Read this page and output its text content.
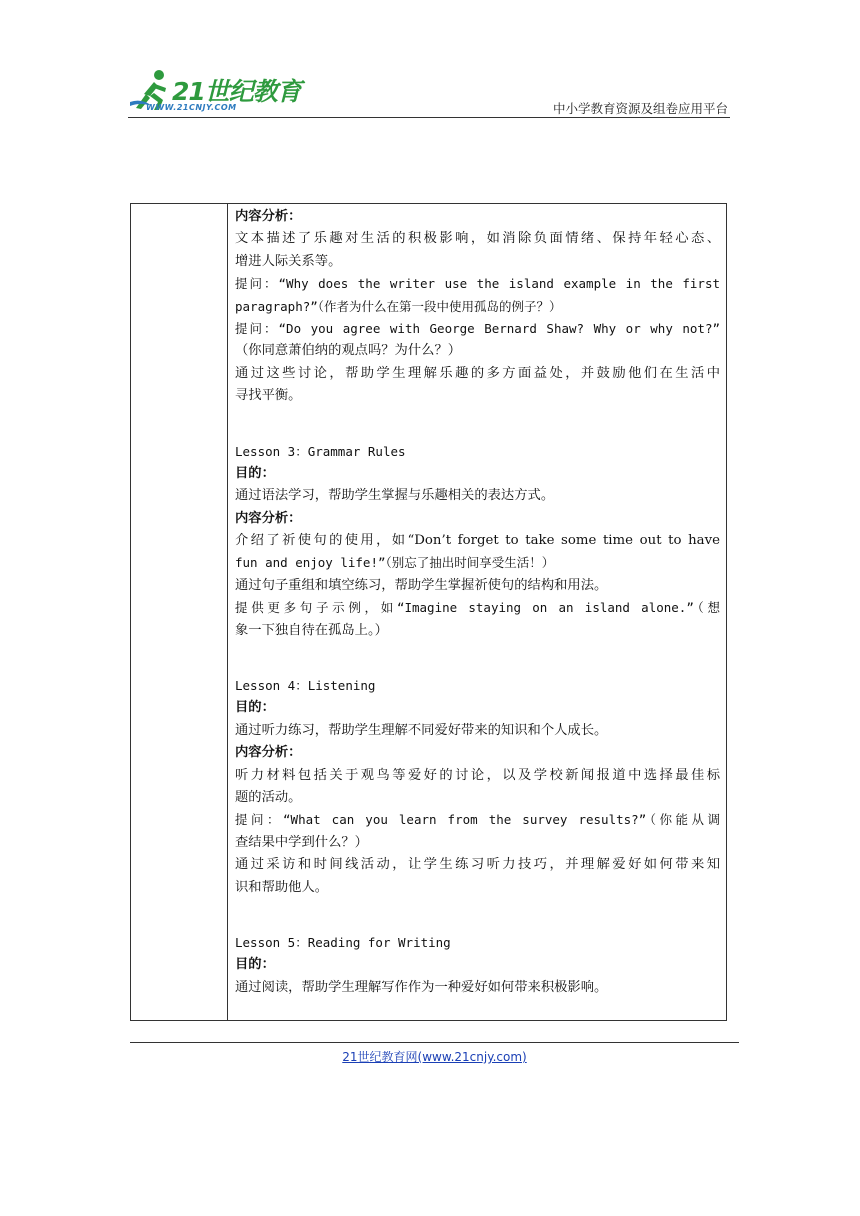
21世纪教育
WWW.21CNJY.COM	中小学教育资源及组卷应用平台
内容分析：
文本描述了乐趣对生活的积极影响，如消除负面情绪、保持年轻心态、
增进人际关系等。
提问：“Why does the writer use the island example in the first
paragraph?”（作者为什么在第一段中使用孤岛的例子？）
提问：“Do you agree with George Bernard Shaw? Why or why not?”
（你同意萧伯纳的观点吗？为什么？）
通过这些讨论，帮助学生理解乐趣的多方面益处，并鼓励他们在生活中
寻找平衡。
Lesson 3：Grammar Rules
目的：
通过语法学习，帮助学生掌握与乐趣相关的表达方式。
内容分析：
介绍了祈使句的使用，如“Don’t forget to take some time out to have
fun and enjoy life!”（别忘了抽出时间享受生活！）
通过句子重组和填空练习，帮助学生掌握祈使句的结构和用法。
提供更多句子示例，如“Imagine staying on an island alone.”（想
象一下独自待在孤岛上。）
Lesson 4：Listening
目的：
通过听力练习，帮助学生理解不同爱好带来的知识和个人成长。
内容分析：
听力材料包括关于观鸟等爱好的讨论，以及学校新闻报道中选择最佳标
题的活动。
提问：“What can you learn from the survey results?”（你能从调
查结果中学到什么？）
通过采访和时间线活动，让学生练习听力技巧，并理解爱好如何带来知
识和帮助他人。
Lesson 5：Reading for Writing
目的：
通过阅读，帮助学生理解写作作为一种爱好如何带来积极影响。
21世纪教育网(www.21cnjy.com)
